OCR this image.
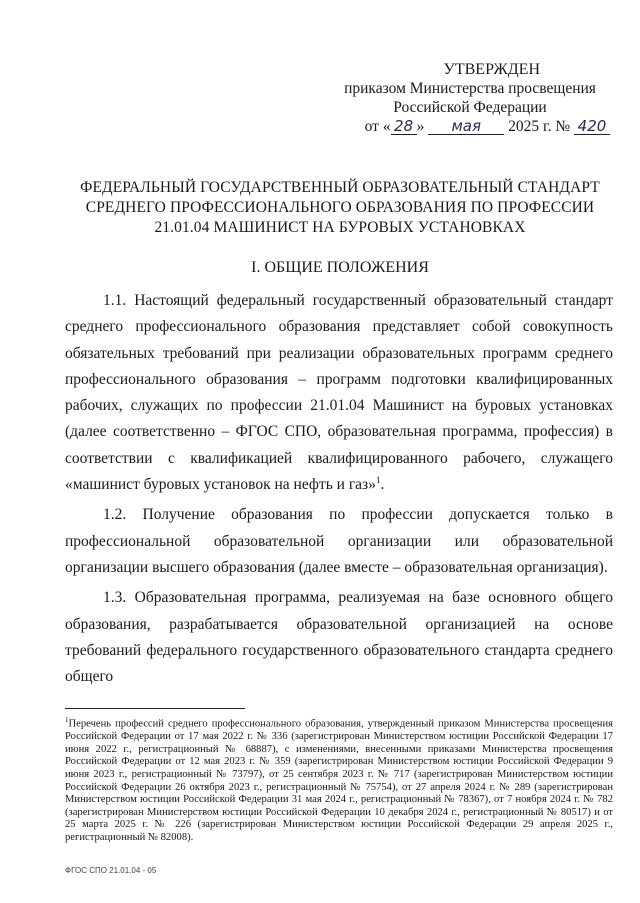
УТВЕРЖДЕН
приказом Министерства просвещения
Российской Федерации
от « 28 » мая 2025 г. № 420
ФЕДЕРАЛЬНЫЙ ГОСУДАРСТВЕННЫЙ ОБРАЗОВАТЕЛЬНЫЙ СТАНДАРТ
СРЕДНЕГО ПРОФЕССИОНАЛЬНОГО ОБРАЗОВАНИЯ ПО ПРОФЕССИИ
21.01.04 МАШИНИСТ НА БУРОВЫХ УСТАНОВКАХ
I. ОБЩИЕ ПОЛОЖЕНИЯ

1.1. Настоящий федеральный государственный образовательный стандарт среднего профессионального образования представляет собой совокупность обязательных требований при реализации образовательных программ среднего профессионального образования – программ подготовки квалифицированных рабочих, служащих по профессии 21.01.04 Машинист на буровых установках (далее соответственно – ФГОС СПО, образовательная программа, профессия) в соответствии с квалификацией квалифицированного рабочего, служащего «машинист буровых установок на нефть и газ»$^1$.

1.2. Получение образования по профессии допускается только в профессиональной образовательной организации или образовательной организации высшего образования (далее вместе – образовательная организация).

1.3. Образовательная программа, реализуемая на базе основного общего образования, разрабатывается образовательной организацией на основе требований федерального государственного образовательного стандарта среднего общего

$^1$Перечень профессий среднего профессионального образования, утвержденный приказом Министерства просвещения Российской Федерации от 17 мая 2022 г. № 336 (зарегистрирован Министерством юстиции Российской Федерации 17 июня 2022 г., регистрационный № 68887), с изменениями, внесенными приказами Министерства просвещения Российской Федерации от 12 мая 2023 г. № 359 (зарегистрирован Министерством юстиции Российской Федерации 9 июня 2023 г., регистрационный № 73797), от 25 сентября 2023 г. № 717 (зарегистрирован Министерством юстиции Российской Федерации 26 октября 2023 г., регистрационный № 75754), от 27 апреля 2024 г. № 289 (зарегистрирован Министерством юстиции Российской Федерации 31 мая 2024 г., регистрационный № 78367), от 7 ноября 2024 г. № 782 (зарегистрирован Министерством юстиции Российской Федерации 10 декабря 2024 г., регистрационный № 80517) и от 25 марта 2025 г. № 226 (зарегистрирован Министерством юстиции Российской Федерации 29 апреля 2025 г., регистрационный № 82008).
ФГОС СПО 21.01.04 - 05
